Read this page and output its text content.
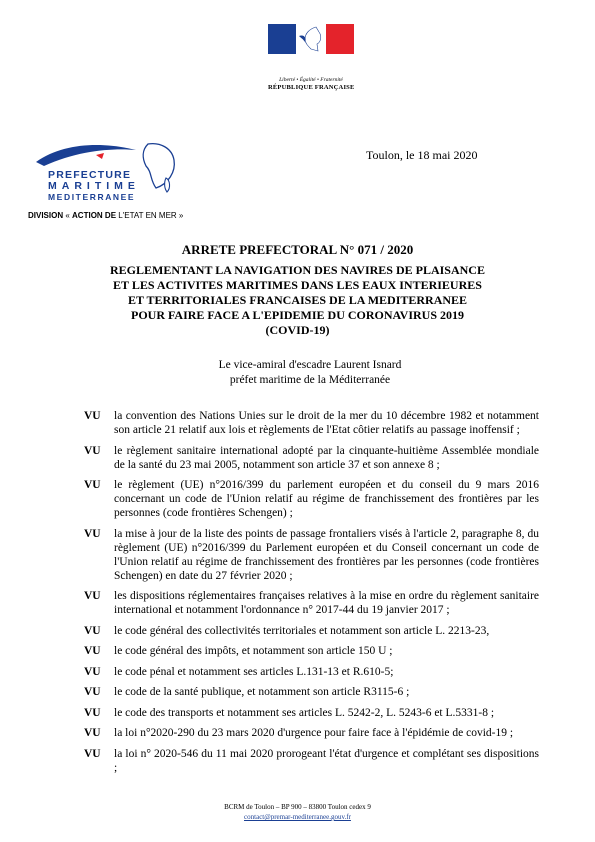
Liberté • Égalité • Fraternité
RÉPUBLIQUE FRANÇAISE
PREFECTURE
MARITIME
MEDITERRANEE
Toulon, le 18 mai 2020
DIVISION « ACTION DE L'ETAT EN MER »
ARRETE PREFECTORAL N° 071 / 2020
REGLEMENTANT LA NAVIGATION DES NAVIRES DE PLAISANCE
ET LES ACTIVITES MARITIMES DANS LES EAUX INTERIEURES
ET TERRITORIALES FRANCAISES DE LA MEDITERRANEE
POUR FAIRE FACE A L'EPIDEMIE DU CORONAVIRUS 2019
(COVID-19)
Le vice-amiral d'escadre Laurent Isnard
préfet maritime de la Méditerranée
VU	la convention des Nations Unies sur le droit de la mer du 10 décembre 1982 et notamment son article 21 relatif aux lois et règlements de l'Etat côtier relatifs au passage inoffensif ;
VU	le règlement sanitaire international adopté par la cinquante-huitième Assemblée mondiale de la santé du 23 mai 2005, notamment son article 37 et son annexe 8 ;
VU	le règlement (UE) n°2016/399 du parlement européen et du conseil du 9 mars 2016 concernant un code de l'Union relatif au régime de franchissement des frontières par les personnes (code frontières Schengen) ;
VU	la mise à jour de la liste des points de passage frontaliers visés à l'article 2, paragraphe 8, du règlement (UE) n°2016/399 du Parlement européen et du Conseil concernant un code de l'Union relatif au régime de franchissement des frontières par les personnes (code frontières Schengen) en date du 27 février 2020 ;
VU	les dispositions réglementaires françaises relatives à la mise en ordre du règlement sanitaire international et notamment l'ordonnance n° 2017-44 du 19 janvier 2017 ;
VU	le code général des collectivités territoriales et notamment son article L. 2213-23,
VU	le code général des impôts, et notamment son article 150 U ;
VU	le code pénal et notamment ses articles L.131-13 et R.610-5;
VU	le code de la santé publique, et notamment son article R3115-6 ;
VU	le code des transports et notamment ses articles L. 5242-2, L. 5243-6 et L.5331-8 ;
VU	la loi n°2020-290 du 23 mars 2020 d'urgence pour faire face à l'épidémie de covid-19 ;
VU	la loi n° 2020-546 du 11 mai 2020 prorogeant l'état d'urgence et complétant ses dispositions ;
BCRM de Toulon – BP 900 – 83800 Toulon cedex 9
contact@premar-mediterranee.gouv.fr
